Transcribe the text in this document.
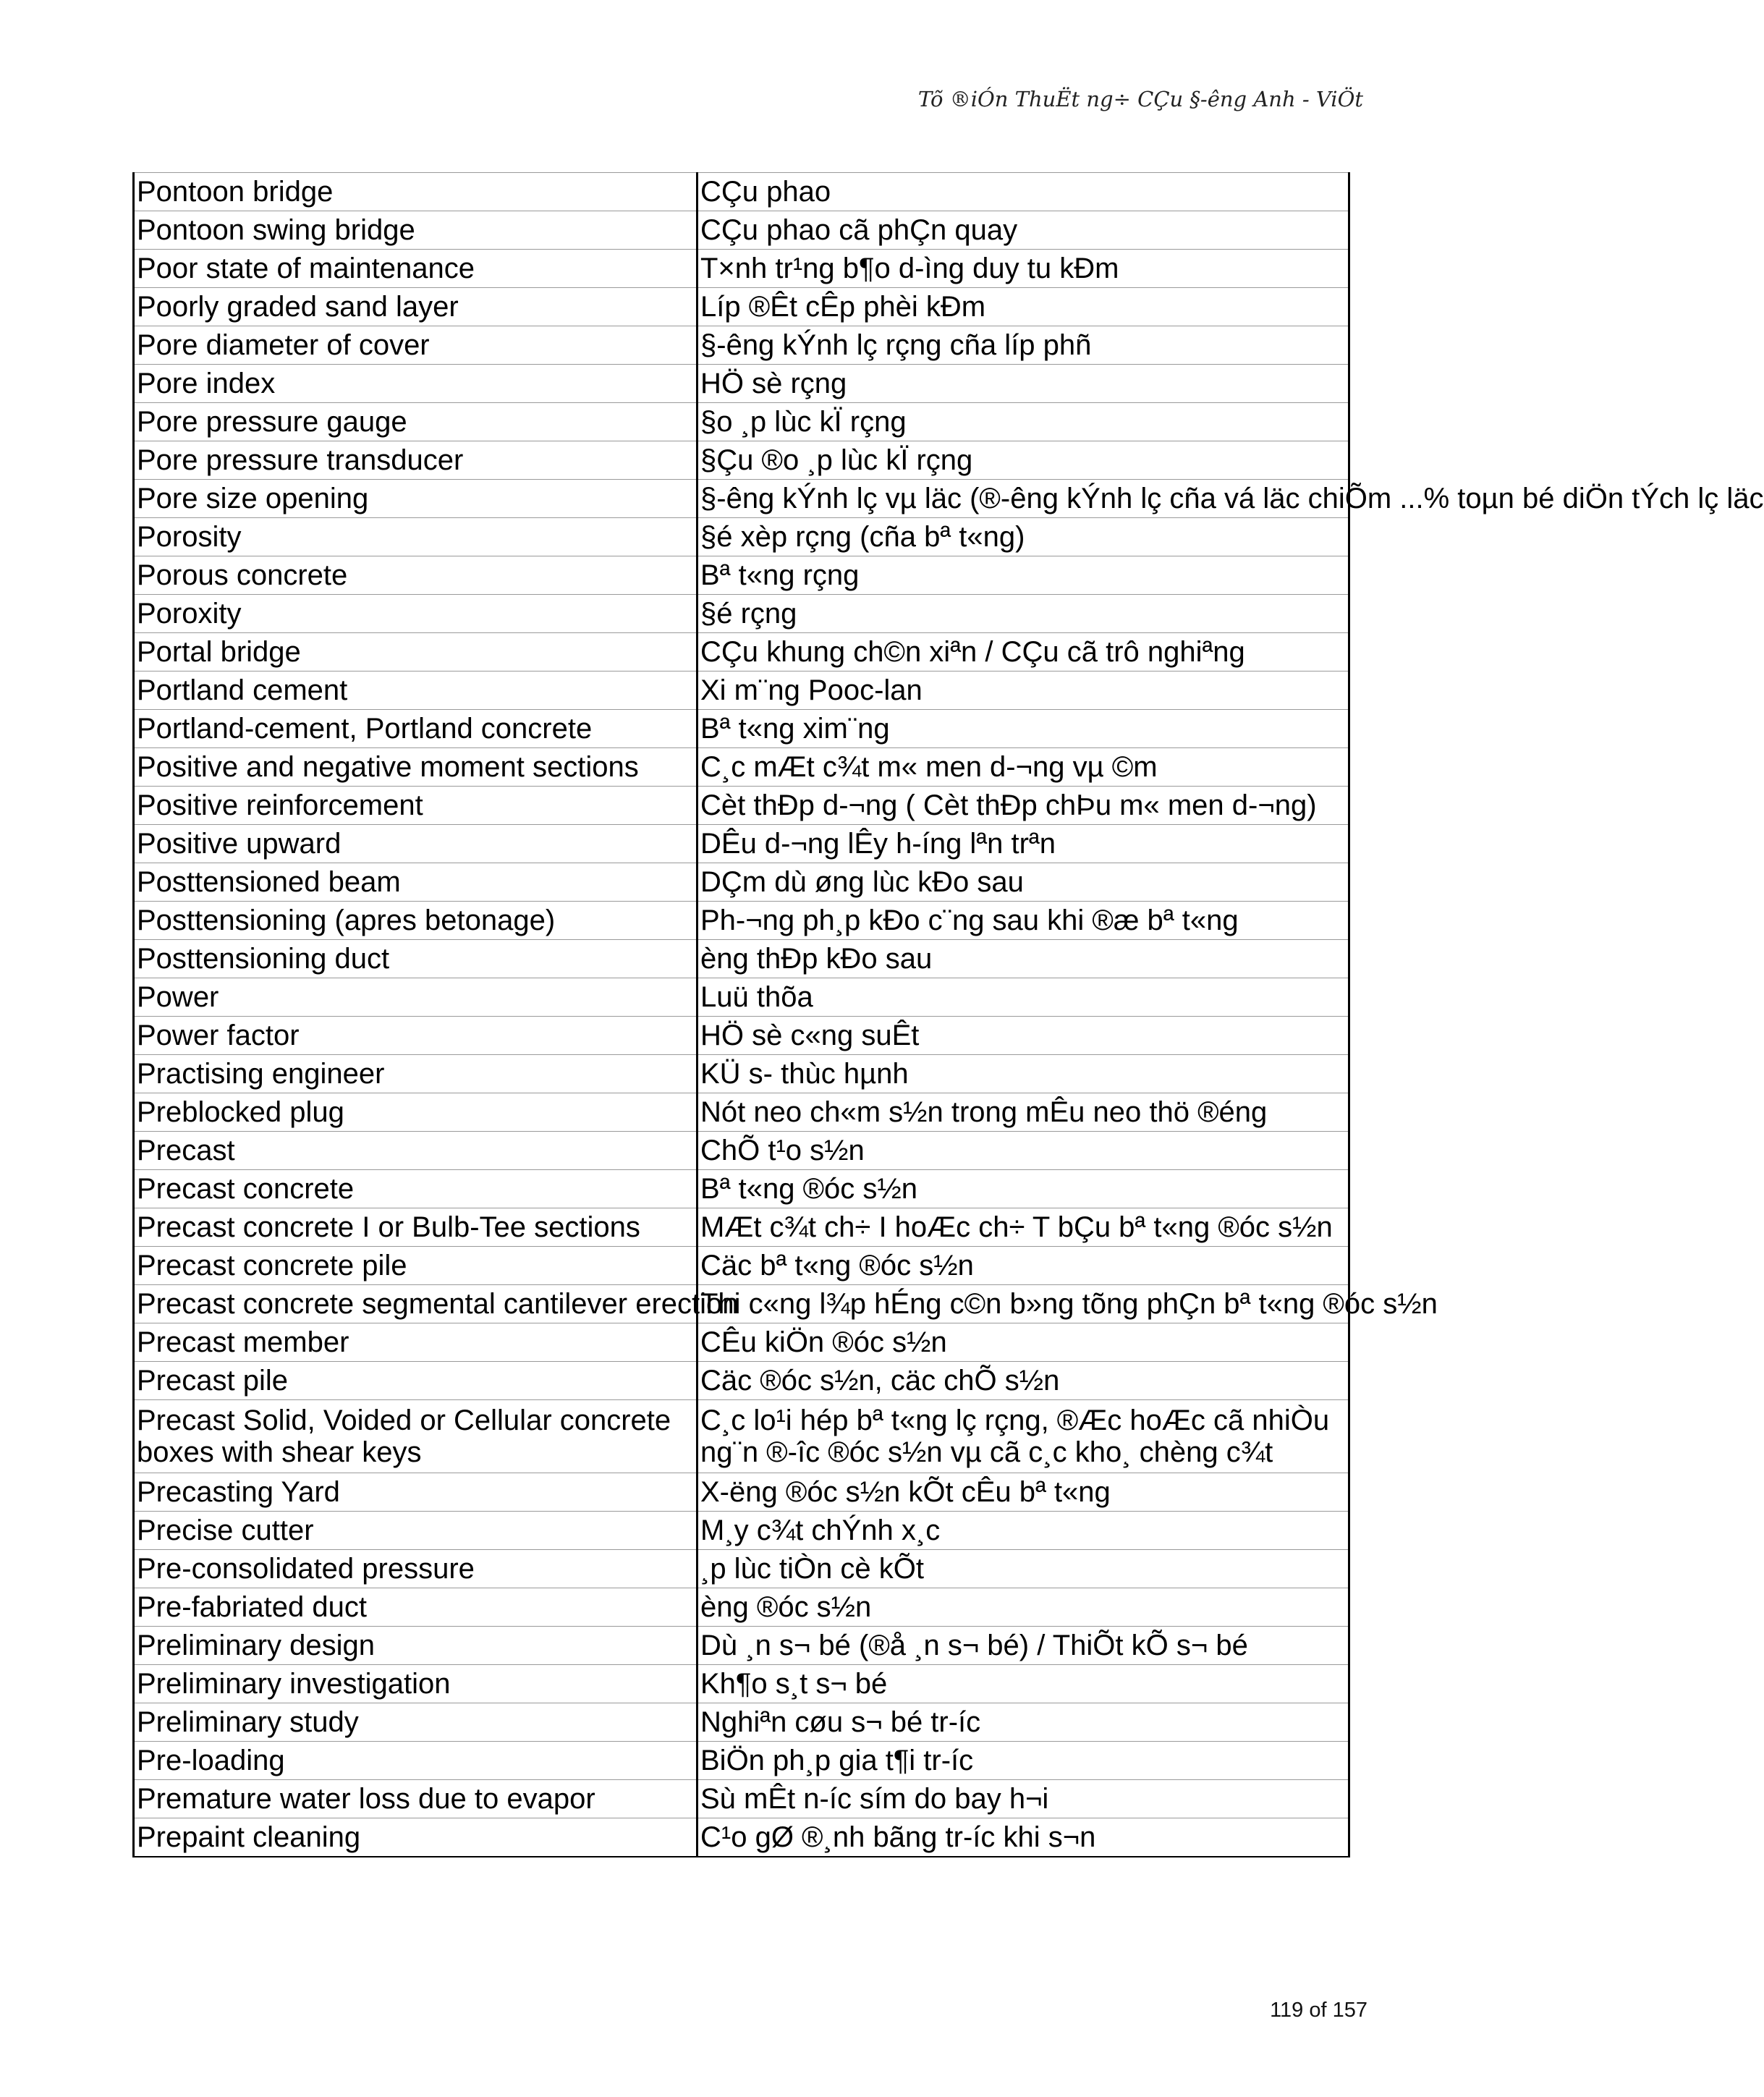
Tõ ®iÓn ThuËt ng÷ CÇu §-êng Anh - ViÖt
Pontoon bridge	CÇu phao
Pontoon swing bridge	CÇu phao cã phÇn quay
Poor state of maintenance	T×nh tr¹ng b¶o d-ìng duy tu kÐm
Poorly graded sand layer	Líp ®Êt cÊp phèi kÐm
Pore diameter of cover	§-êng kÝnh lç rçng cña líp phñ
Pore index	HÖ sè rçng
Pore pressure gauge	§o ¸p lùc kÏ rçng
Pore pressure transducer	§Çu ®o ¸p lùc kÏ rçng
Pore size opening	§-êng kÝnh lç vµ läc (®-êng kÝnh lç cña vá läc chiÕm ...% toµn bé diÖn tÝch lç läc
Porosity	§é xèp rçng (cña bª t«ng)
Porous concrete	Bª t«ng rçng
Poroxity	§é rçng
Portal bridge	CÇu khung ch©n xiªn / CÇu cã trô nghiªng
Portland cement	Xi m¨ng Pooc-lan
Portland-cement, Portland concrete	Bª t«ng xim¨ng
Positive and negative moment sections	C¸c mÆt c¾t m« men d-¬ng vµ ©m
Positive reinforcement	Cèt thÐp d-¬ng ( Cèt thÐp chÞu m« men d-¬ng)
Positive upward	DÊu d-¬ng lÊy h-íng lªn trªn
Posttensioned beam	DÇm dù øng lùc kÐo sau
Posttensioning (apres betonage)	Ph-¬ng ph¸p kÐo c¨ng sau khi ®æ bª t«ng
Posttensioning duct	èng thÐp kÐo sau
Power	Luü thõa
Power factor	HÖ sè c«ng suÊt
Practising engineer	KÜ s- thùc hµnh
Preblocked plug	Nót neo ch«m s½n trong mÊu neo thö ®éng
Precast	ChÕ t¹o s½n
Precast concrete	Bª t«ng ®óc s½n
Precast concrete I or Bulb-Tee sections	MÆt c¾t ch÷ I hoÆc ch÷ T bÇu bª t«ng ®óc s½n
Precast concrete pile	Cäc bª t«ng ®óc s½n
Precast concrete segmental cantilever erection	Thi c«ng l¾p hÉng c©n b»ng tõng phÇn bª t«ng ®óc s½n
Precast member	CÊu kiÖn ®óc s½n
Precast pile	Cäc ®óc s½n, cäc chÕ s½n
Precast Solid, Voided or Cellular concrete boxes with shear keys	C¸c lo¹i hép bª t«ng lç rçng, ®Æc hoÆc cã nhiÒu ng¨n ®-îc ®óc s½n vµ cã c¸c kho¸ chèng c¾t
Precasting Yard	X-ëng ®óc s½n kÕt cÊu bª t«ng
Precise cutter	M¸y c¾t chÝnh x¸c
Pre-consolidated pressure	¸p lùc tiÒn cè kÕt
Pre-fabriated duct	èng ®óc s½n
Preliminary design	Dù ¸n s¬ bé (®å ¸n s¬ bé) / ThiÕt kÕ s¬ bé
Preliminary investigation	Kh¶o s¸t s¬ bé
Preliminary study	Nghiªn cøu s¬ bé tr-íc
Pre-loading	BiÖn ph¸p gia t¶i tr-íc
Premature water loss due to evapor	Sù mÊt n-íc sím do bay h¬i
Prepaint cleaning	C¹o gØ ®¸nh bãng tr-íc khi s¬n
119 of 157
